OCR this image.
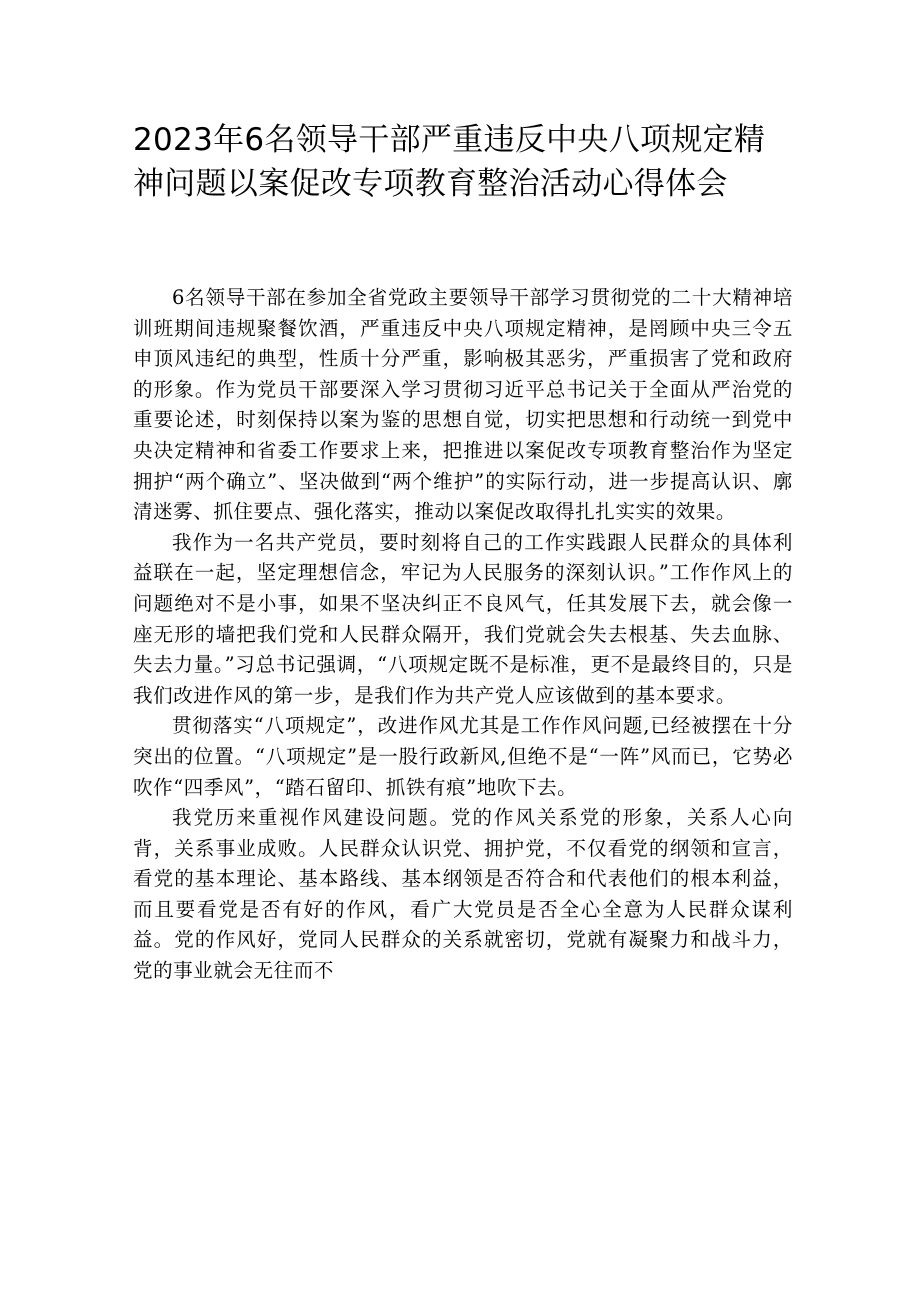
2023年6名领导干部严重违反中央八项规定精
神问题以案促改专项教育整治活动心得体会

6名领导干部在参加全省党政主要领导干部学习贯彻党的二十大精神培训班期间违规聚餐饮酒，严重违反中央八项规定精神，是罔顾中央三令五申顶风违纪的典型，性质十分严重，影响极其恶劣，严重损害了党和政府的形象。作为党员干部要深入学习贯彻习近平总书记关于全面从严治党的重要论述，时刻保持以案为鉴的思想自觉，切实把思想和行动统一到党中央决定精神和省委工作要求上来，把推进以案促改专项教育整治作为坚定拥护“两个确立”、坚决做到“两个维护”的实际行动，进一步提高认识、廓清迷雾、抓住要点、强化落实，推动以案促改取得扎扎实实的效果。

我作为一名共产党员，要时刻将自己的工作实践跟人民群众的具体利益联在一起，坚定理想信念，牢记为人民服务的深刻认识。”工作作风上的问题绝对不是小事，如果不坚决纠正不良风气，任其发展下去，就会像一座无形的墙把我们党和人民群众隔开，我们党就会失去根基、失去血脉、失去力量。”习总书记强调，“八项规定既不是标准，更不是最终目的，只是我们改进作风的第一步，是我们作为共产党人应该做到的基本要求。

贯彻落实“八项规定”，改进作风尤其是工作作风问题,已经被摆在十分突出的位置。“八项规定”是一股行政新风,但绝不是“一阵”风而已，它势必吹作“四季风”，“踏石留印、抓铁有痕”地吹下去。

我党历来重视作风建设问题。党的作风关系党的形象，关系人心向背，关系事业成败。人民群众认识党、拥护党，不仅看党的纲领和宣言，看党的基本理论、基本路线、基本纲领是否符合和代表他们的根本利益，而且要看党是否有好的作风，看广大党员是否全心全意为人民群众谋利益。党的作风好，党同人民群众的关系就密切，党就有凝聚力和战斗力，党的事业就会无往而不
